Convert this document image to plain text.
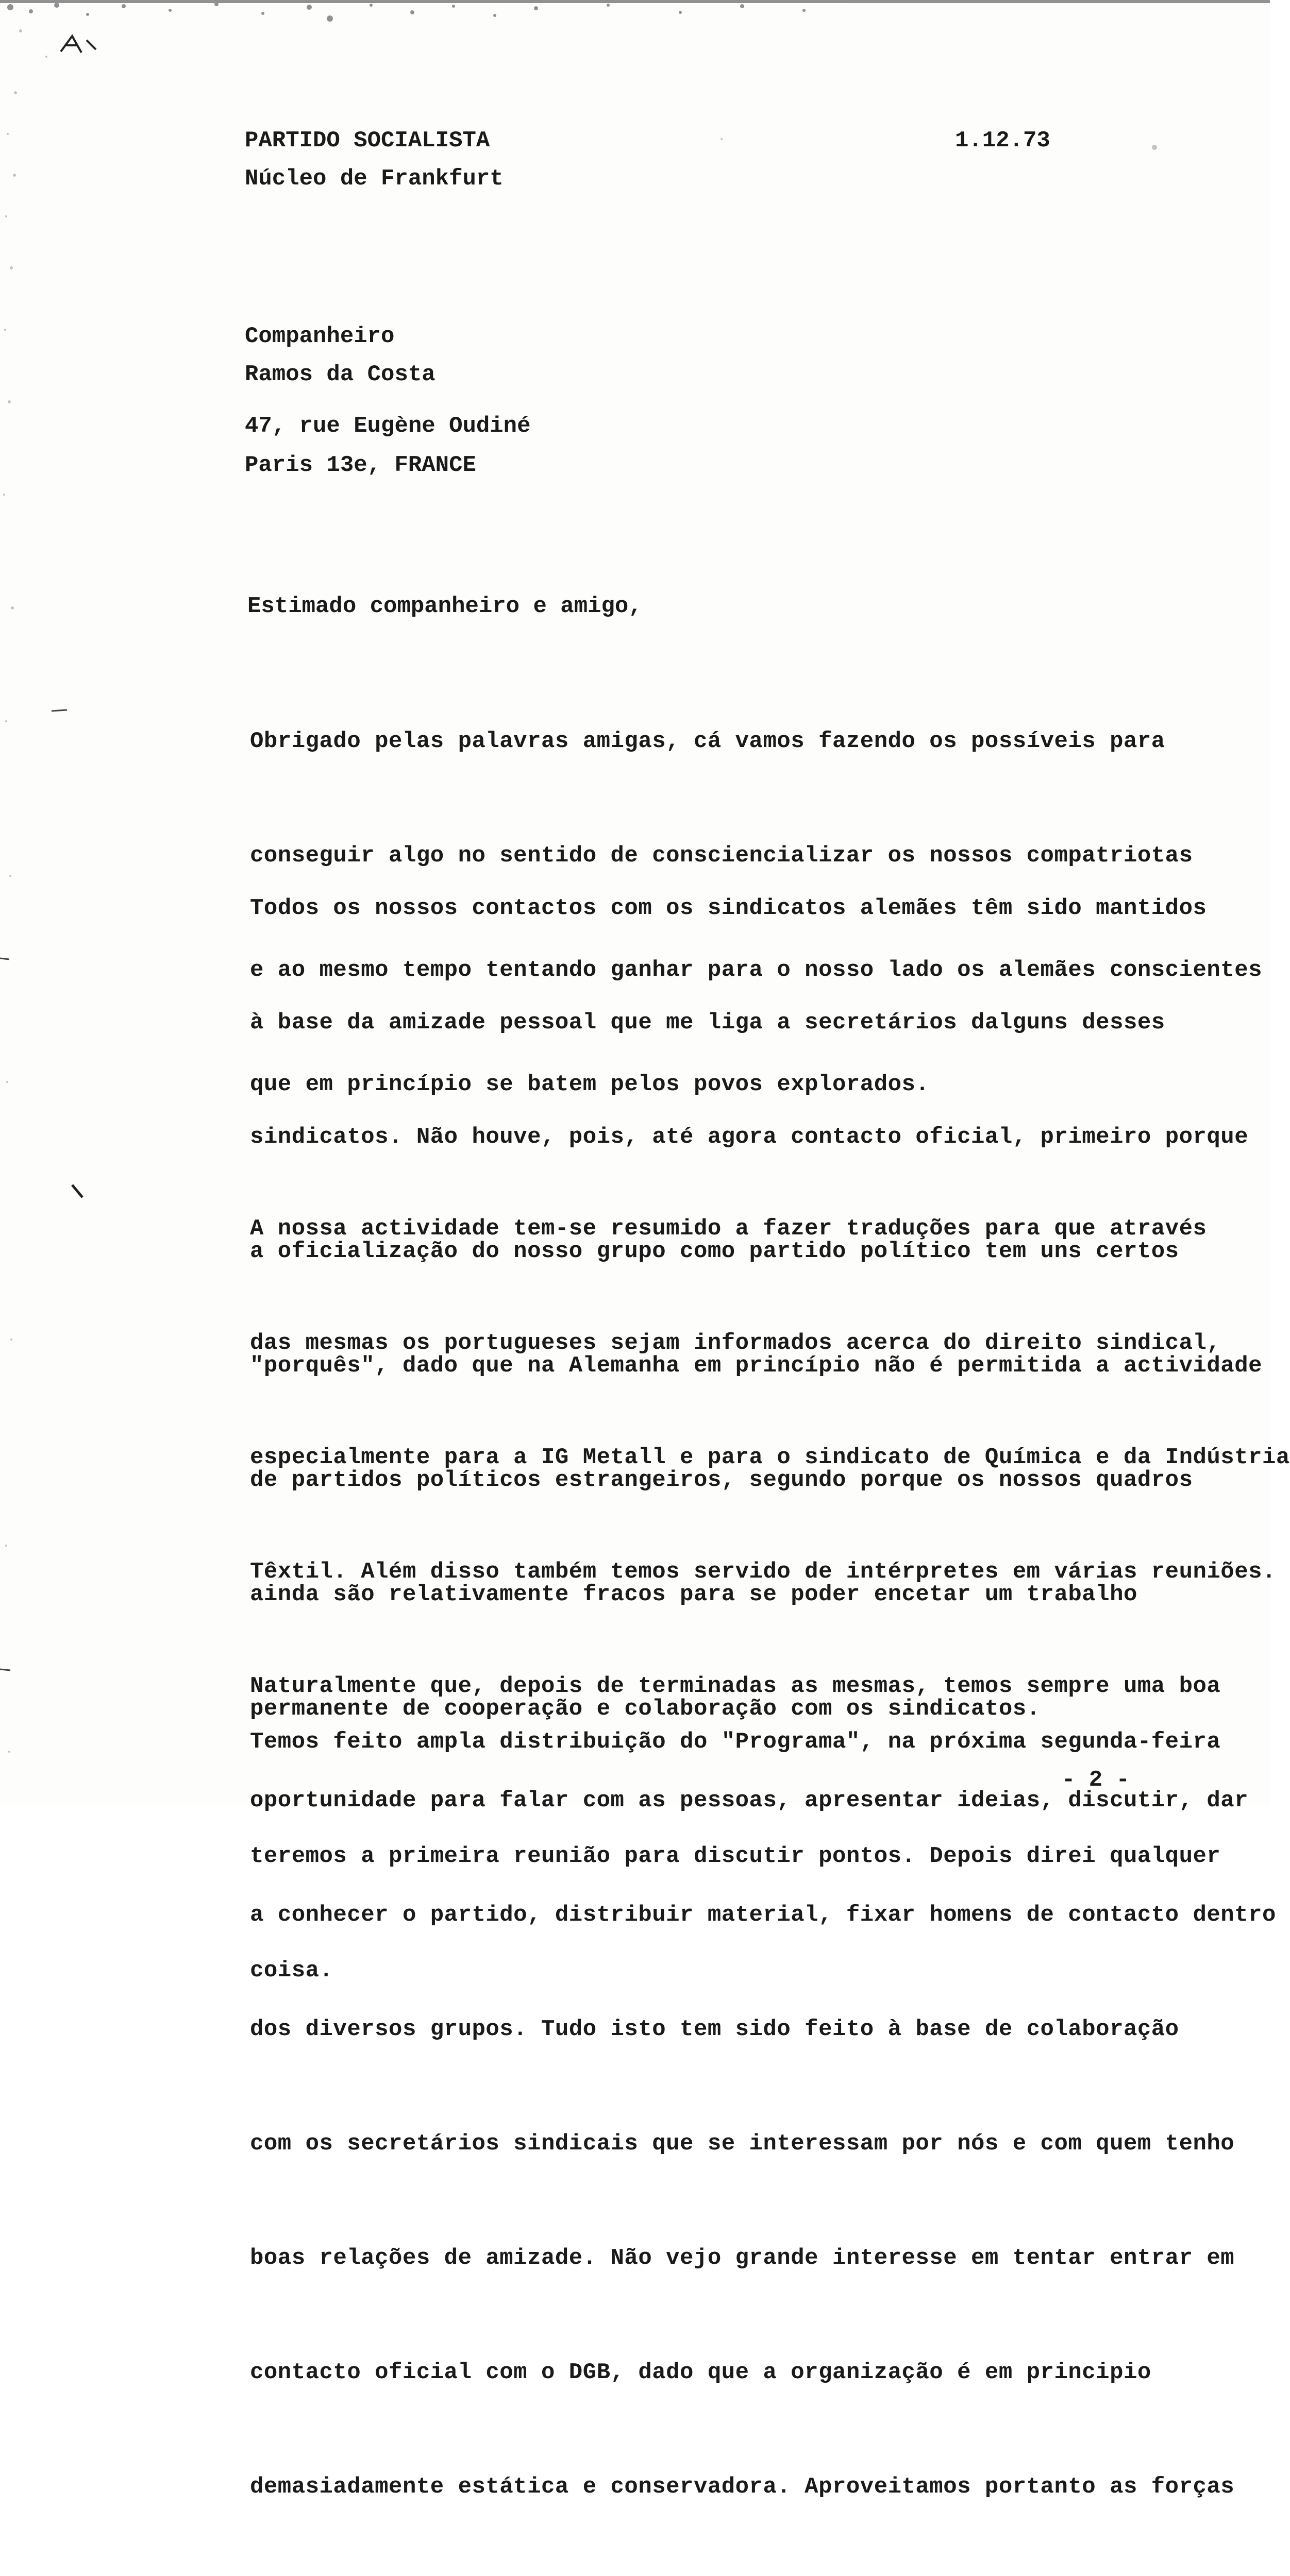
PARTIDO SOCIALISTA
Núcleo de Frankfurt
1.12.73
Companheiro
Ramos da Costa
47, rue Eugène Oudiné
Paris 13e, FRANCE
Estimado companheiro e amigo,

Obrigado pelas palavras amigas, cá vamos fazendo os possíveis para

conseguir algo no sentido de consciencializar os nossos compatriotas

e ao mesmo tempo tentando ganhar para o nosso lado os alemães conscientes

que em princípio se batem pelos povos explorados.

Todos os nossos contactos com os sindicatos alemães têm sido mantidos

à base da amizade pessoal que me liga a secretários dalguns desses

sindicatos. Não houve, pois, até agora contacto oficial, primeiro porque

a oficialização do nosso grupo como partido político tem uns certos

"porquês", dado que na Alemanha em princípio não é permitida a actividade

de partidos políticos estrangeiros, segundo porque os nossos quadros

ainda são relativamente fracos para se poder encetar um trabalho

permanente de cooperação e colaboração com os sindicatos.

A nossa actividade tem-se resumido a fazer traduções para que através

das mesmas os portugueses sejam informados acerca do direito sindical,

especialmente para a IG Metall e para o sindicato de Química e da Indústria

Têxtil. Além disso também temos servido de intérpretes em várias reuniões.

Naturalmente que, depois de terminadas as mesmas, temos sempre uma boa

oportunidade para falar com as pessoas, apresentar ideias, discutir, dar

a conhecer o partido, distribuir material, fixar homens de contacto dentro

dos diversos grupos. Tudo isto tem sido feito à base de colaboração

com os secretários sindicais que se interessam por nós e com quem tenho

boas relações de amizade. Não vejo grande interesse em tentar entrar em

contacto oficial com o DGB, dado que a organização é em principio

demasiadamente estática e conservadora. Aproveitamos portanto as forças

Temos feito ampla distribuição do "Programa", na próxima segunda-feira

teremos a primeira reunião para discutir pontos. Depois direi qualquer

coisa.

- 2 -
